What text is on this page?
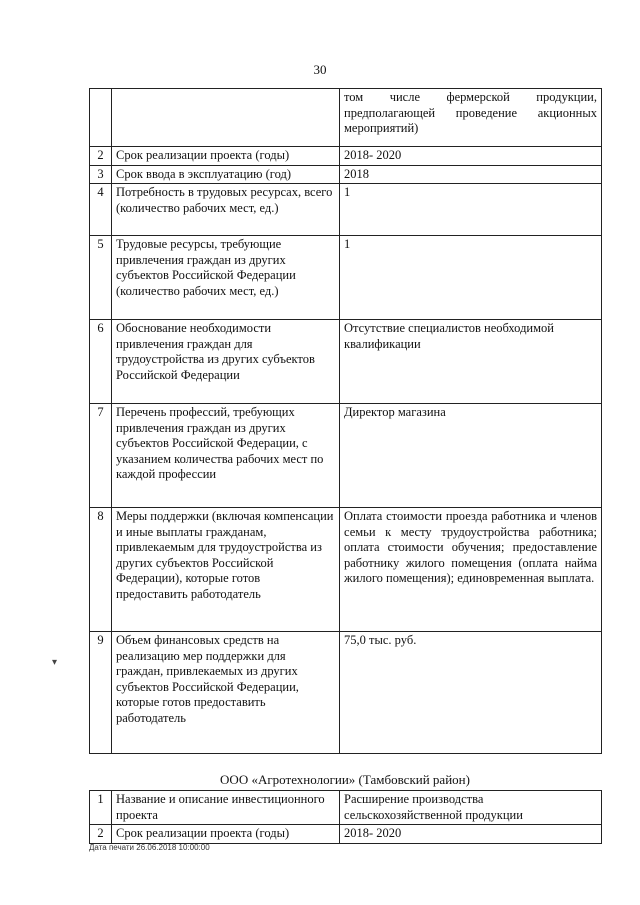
30
▾
		том числе фермерской продукции, предполагающей проведение акционных мероприятий)
2	Срок реализации проекта (годы)	2018- 2020
3	Срок ввода в эксплуатацию (год)	2018
4	Потребность в трудовых ресурсах, всего (количество рабочих мест, ед.)	1
5	Трудовые ресурсы, требующие привлечения граждан из других субъектов Российской Федерации (количество рабочих мест, ед.)	1
6	Обоснование необходимости привлечения граждан для трудоустройства из других субъектов Российской Федерации	Отсутствие специалистов необходимой квалификации
7	Перечень профессий, требующих привлечения граждан из других субъектов Российской Федерации, с указанием количества рабочих мест по каждой профессии	Директор магазина
8	Меры поддержки (включая компенсации и иные выплаты гражданам, привлекаемым для трудоустройства из других субъектов Российской Федерации), которые готов предоставить работодатель	Оплата стоимости проезда работника и членов семьи к месту трудоустройства работника; оплата стоимости обучения; предоставление работнику жилого помещения (оплата найма жилого помещения); единовременная выплата.
9	Объем финансовых средств на реализацию мер поддержки для граждан, привлекаемых из других субъектов Российской Федерации, которые готов предоставить работодатель	75,0 тыс. руб.
ООО «Агротехнологии» (Тамбовский район)
1	Название и описание инвестиционного проекта	Расширение производства сельскохозяйственной продукции
2	Срок реализации проекта (годы)	2018- 2020
Дата печати 26.06.2018 10:00:00
